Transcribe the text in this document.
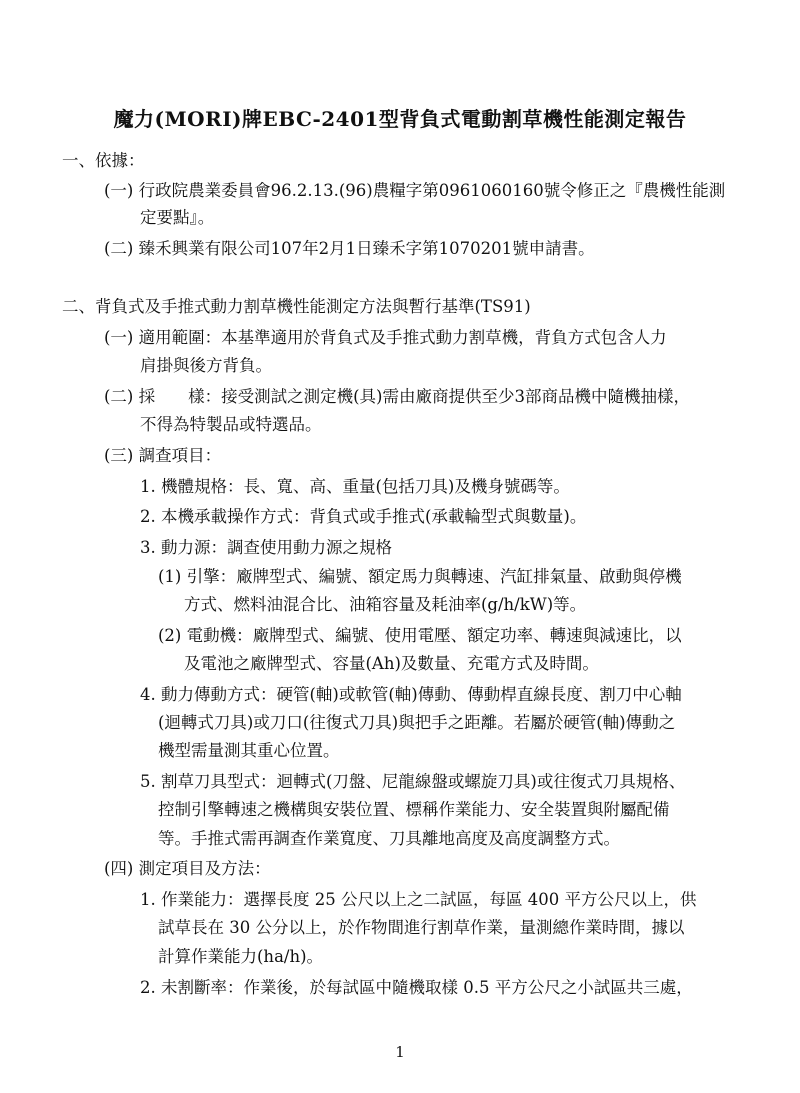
魔力(MORI)牌EBC-2401型背負式電動割草機性能測定報告
一、依據：
(一) 行政院農業委員會96.2.13.(96)農糧字第0961060160號令修正之『農機性能測
定要點』。
(二) 臻禾興業有限公司107年2月1日臻禾字第1070201號申請書。
二、背負式及手推式動力割草機性能測定方法與暫行基準(TS91)
(一) 適用範圍：本基準適用於背負式及手推式動力割草機，背負方式包含人力
肩掛與後方背負。
(二) 採　　樣：接受測試之測定機(具)需由廠商提供至少3部商品機中隨機抽樣，
不得為特製品或特選品。
(三) 調查項目：
1. 機體規格：長、寬、高、重量(包括刀具)及機身號碼等。
2. 本機承載操作方式：背負式或手推式(承載輪型式與數量)。
3. 動力源：調查使用動力源之規格
(1) 引擎：廠牌型式、編號、額定馬力與轉速、汽缸排氣量、啟動與停機
方式、燃料油混合比、油箱容量及耗油率(g/h/kW)等。
(2) 電動機：廠牌型式、編號、使用電壓、額定功率、轉速與減速比，以
及電池之廠牌型式、容量(Ah)及數量、充電方式及時間。
4. 動力傳動方式：硬管(軸)或軟管(軸)傳動、傳動桿直線長度、割刀中心軸
(迴轉式刀具)或刀口(往復式刀具)與把手之距離。若屬於硬管(軸)傳動之
機型需量測其重心位置。
5. 割草刀具型式：迴轉式(刀盤、尼龍線盤或螺旋刀具)或往復式刀具規格、
控制引擎轉速之機構與安裝位置、標稱作業能力、安全裝置與附屬配備
等。手推式需再調查作業寬度、刀具離地高度及高度調整方式。
(四) 測定項目及方法：
1. 作業能力：選擇長度 25 公尺以上之二試區，每區 400 平方公尺以上，供
試草長在 30 公分以上，於作物間進行割草作業，量測總作業時間，據以
計算作業能力(ha/h)。
2. 未割斷率：作業後，於每試區中隨機取樣 0.5 平方公尺之小試區共三處，
1
